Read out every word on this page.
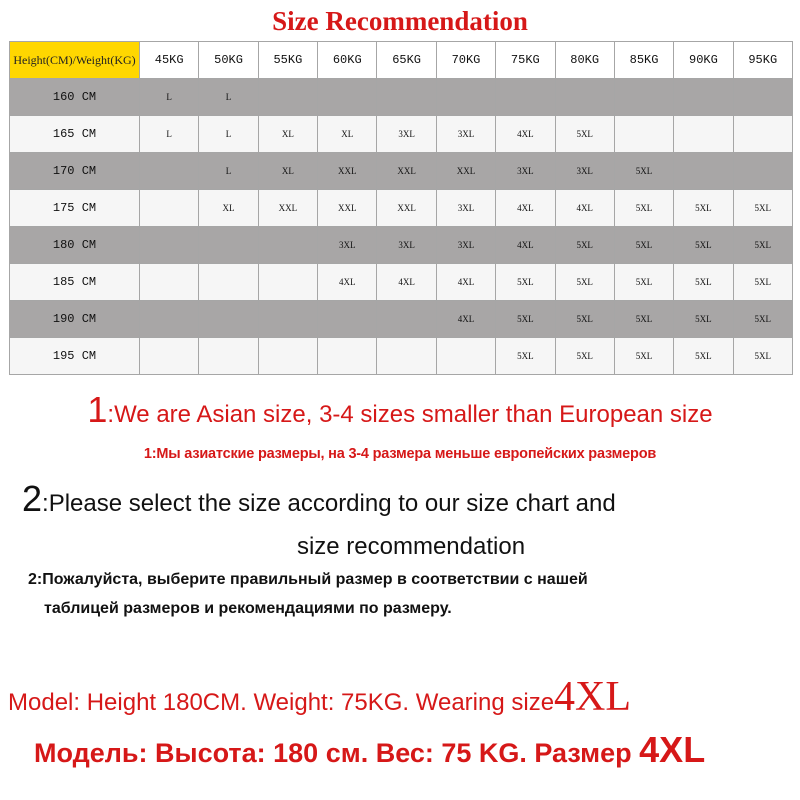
Size Recommendation
Height(CM)/Weight(KG)	45KG	50KG	55KG	60KG	65KG	70KG	75KG	80KG	85KG	90KG	95KG
160 CM	L	L									
165 CM	L	L	XL	XL	3XL	3XL	4XL	5XL			
170 CM		L	XL	XXL	XXL	XXL	3XL	3XL	5XL		
175 CM		XL	XXL	XXL	XXL	3XL	4XL	4XL	5XL	5XL	5XL
180 CM				3XL	3XL	3XL	4XL	5XL	5XL	5XL	5XL
185 CM				4XL	4XL	4XL	5XL	5XL	5XL	5XL	5XL
190 CM						4XL	5XL	5XL	5XL	5XL	5XL
195 CM							5XL	5XL	5XL	5XL	5XL
1:We are Asian size, 3-4 sizes smaller than European size
1:Мы азиатские размеры, на 3-4 размера меньше европейских размеров
2:Please select the size according to our size chart and
size recommendation
2:Пожалуйста, выберите правильный размер в соответствии с нашей
таблицей размеров и рекомендациями по размеру.
Model: Height 180CM. Weight: 75KG. Wearing size4XL
Модель: Высота: 180 см. Вес: 75 KG. Размер 4XL
